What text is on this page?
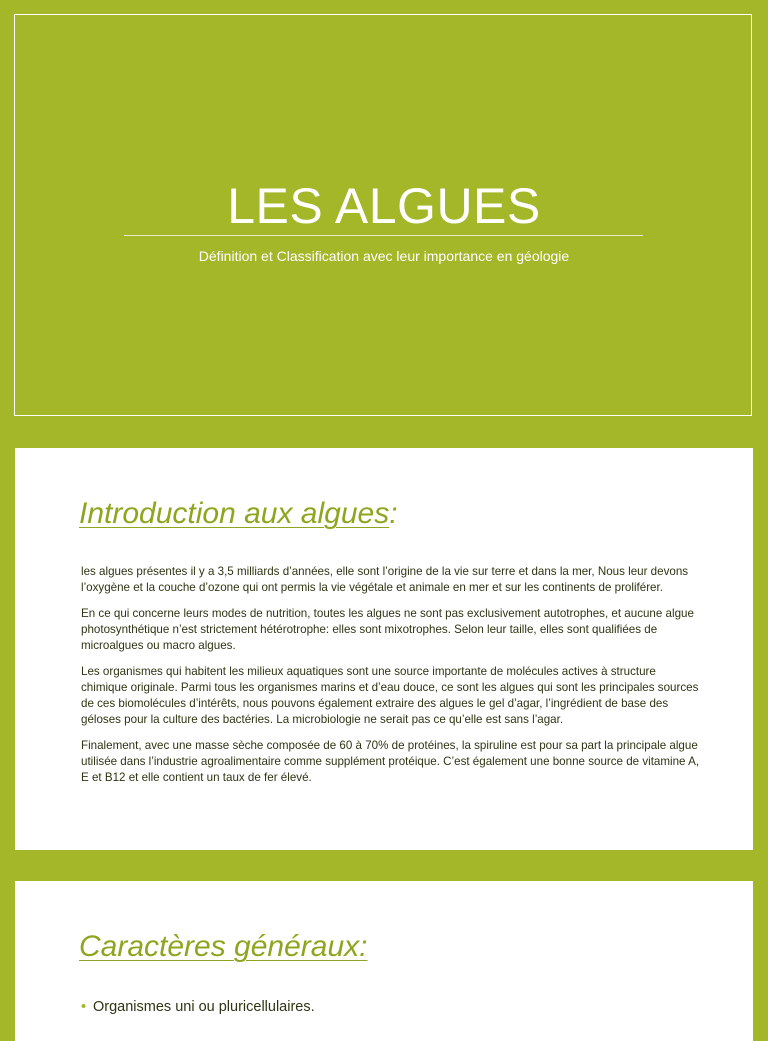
LES ALGUES

Définition et Classification avec leur importance en géologie

Introduction aux algues:

les algues présentes il y a 3,5 milliards d’années, elle sont l’origine de la vie sur terre et dans la mer, Nous leur devons l’oxygène et la couche d’ozone qui ont permis la vie végétale et animale en mer et sur les continents de proliférer.

En ce qui concerne leurs modes de nutrition, toutes les algues ne sont pas exclusivement autotrophes, et aucune algue photosynthétique n’est strictement hétérotrophe: elles sont mixotrophes. Selon leur taille, elles sont qualifiées de microalgues ou macro algues.

Les organismes qui habitent les milieux aquatiques sont une source importante de molécules actives à structure chimique originale. Parmi tous les organismes marins et d’eau douce, ce sont les algues qui sont les principales sources de ces biomolécules d’intérêts, nous pouvons également extraire des algues le gel d’agar, l’ingrédient de base des géloses pour la culture des bactéries. La microbiologie ne serait pas ce qu’elle est sans l’agar.

Finalement, avec une masse sèche composée de 60 à 70% de protéines, la spiruline est pour sa part la principale algue utilisée dans l’industrie agroalimentaire comme supplément protéique. C’est également une bonne source de vitamine A, E et B12 et elle contient un taux de fer élevé.

Caractères généraux:
• Organismes uni ou pluricellulaires.
